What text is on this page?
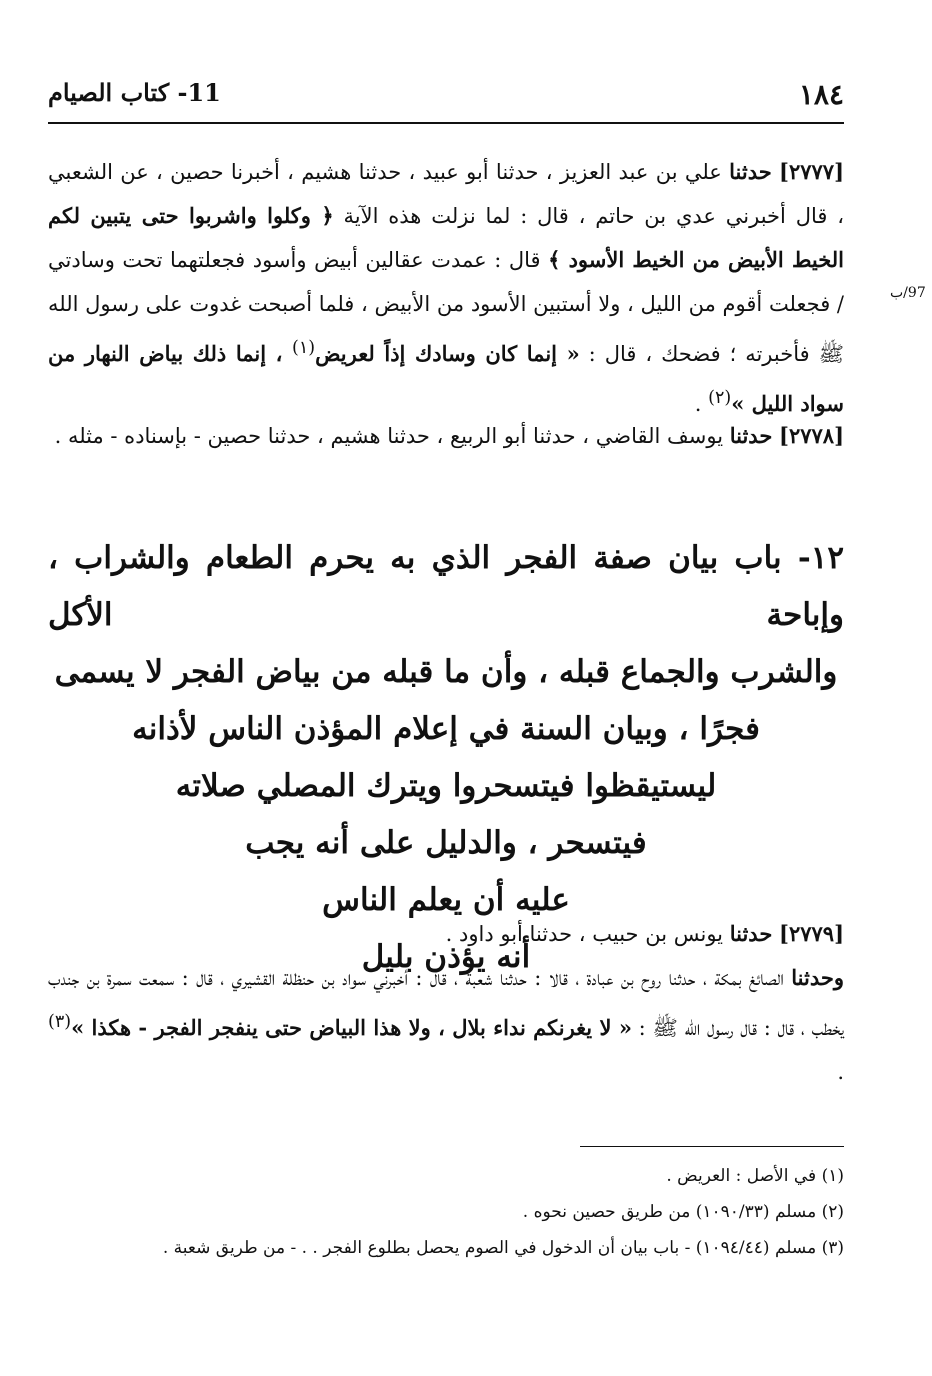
١٨٤
11- كتاب الصيام
97/ب

[٢٧٧٧] حدثنا علي بن عبد العزيز ، حدثنا أبو عبيد ، حدثنا هشيم ، أخبرنا حصين ، عن الشعبي ، قال أخبرني عدي بن حاتم ، قال : لما نزلت هذه الآية ﴿ وكلوا واشربوا حتى يتبين لكم الخيط الأبيض من الخيط الأسود ﴾ قال : عمدت عقالين أبيض وأسود فجعلتهما تحت وسادتي / فجعلت أقوم من الليل ، ولا أستبين الأسود من الأبيض ، فلما أصبحت غدوت على رسول الله ﷺ فأخبرته ؛ فضحك ، قال : « إنما كان وسادك إذاً لعريض$^{(١)}$ ، إنما ذلك بياض النهار من سواد الليل »$^{(٢)}$ .

[٢٧٧٨] حدثنا يوسف القاضي ، حدثنا أبو الربيع ، حدثنا هشيم ، حدثنا حصين - بإسناده - مثله .

١٢- باب بيان صفة الفجر الذي به يحرم الطعام والشراب ، وإباحة الأكل
والشرب والجماع قبله ، وأن ما قبله من بياض الفجر لا يسمى
فجرًا ، وبيان السنة في إعلام المؤذن الناس لأذانه
ليستيقظوا فيتسحروا ويترك المصلي صلاته
فيتسحر ، والدليل على أنه يجب
عليه أن يعلم الناس
أنه يؤذن بليل

[٢٧٧٩] حدثنا يونس بن حبيب ، حدثنا أبو داود .

وحدثنا الصائغ بمكة ، حدثنا روح بن عبادة ، قالا : حدثنا شعبة ، قال : أخبرني سواد بن حنظلة القشيري ، قال : سمعت سمرة بن جندب يخطب ، قال : قال رسول الله ﷺ : « لا يغرنكم نداء بلال ، ولا هذا البياض حتى ينفجر الفجر - هكذا »$^{(٣)}$ .

(١) في الأصل : العريض .
(٢) مسلم (١٠٩٠/٣٣) من طريق حصين نحوه .
(٣) مسلم (١٠٩٤/٤٤) - باب بيان أن الدخول في الصوم يحصل بطلوع الفجر . . - من طريق شعبة .
